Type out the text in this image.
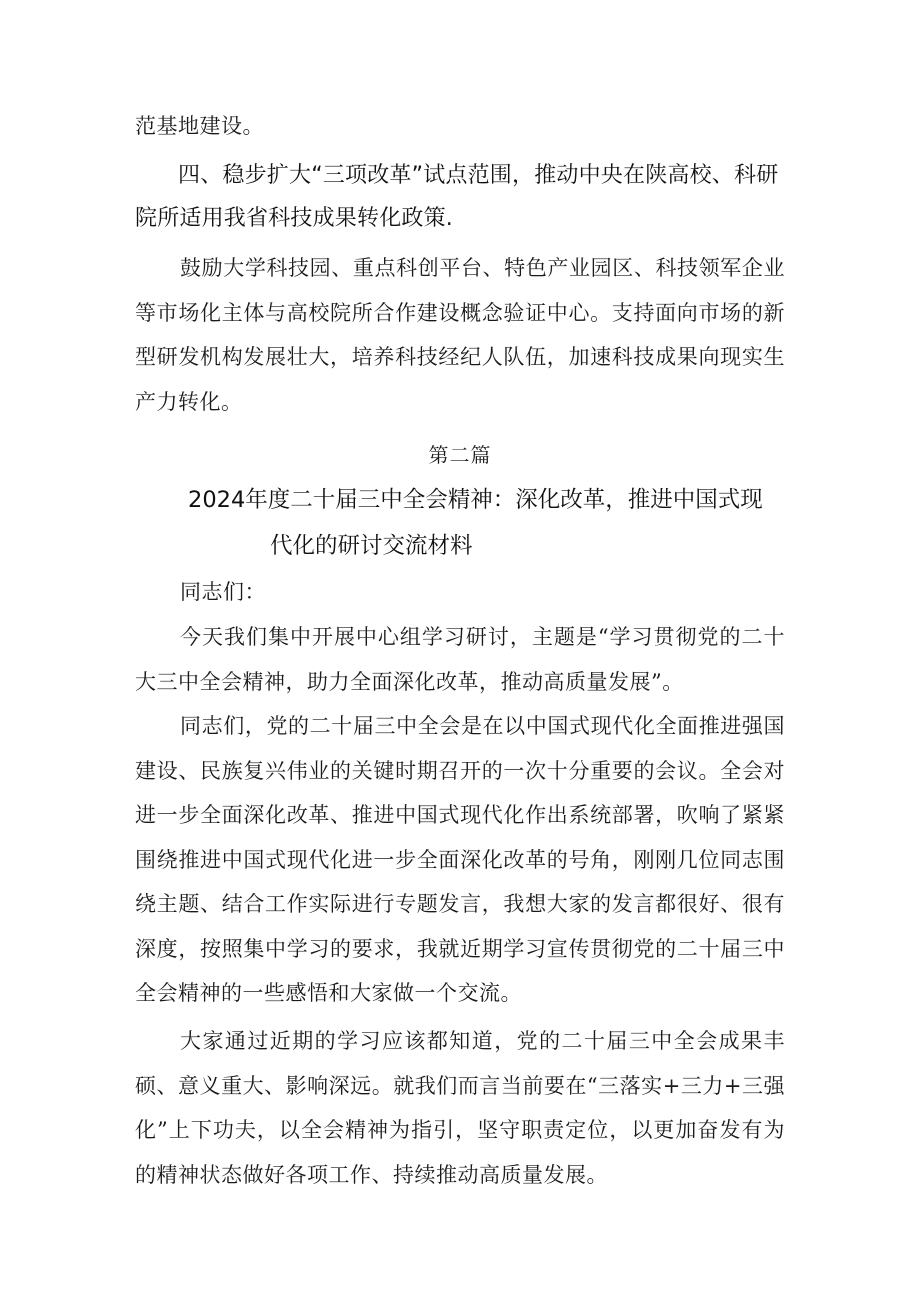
范基地建设。

四、稳步扩大“三项改革”试点范围，推动中央在陕高校、科研院所适用我省科技成果转化政策.

鼓励大学科技园、重点科创平台、特色产业园区、科技领军企业等市场化主体与高校院所合作建设概念验证中心。支持面向市场的新型研发机构发展壮大，培养科技经纪人队伍，加速科技成果向现实生产力转化。

第二篇

2024年度二十届三中全会精神：深化改革，推进中国式现
代化的研讨交流材料

同志们：

今天我们集中开展中心组学习研讨，主题是“学习贯彻党的二十大三中全会精神，助力全面深化改革，推动高质量发展”。

同志们，党的二十届三中全会是在以中国式现代化全面推进强国建设、民族复兴伟业的关键时期召开的一次十分重要的会议。全会对进一步全面深化改革、推进中国式现代化作出系统部署，吹响了紧紧围绕推进中国式现代化进一步全面深化改革的号角，刚刚几位同志围绕主题、结合工作实际进行专题发言，我想大家的发言都很好、很有深度，按照集中学习的要求，我就近期学习宣传贯彻党的二十届三中全会精神的一些感悟和大家做一个交流。

大家通过近期的学习应该都知道，党的二十届三中全会成果丰硕、意义重大、影响深远。就我们而言当前要在“三落实+三力+三强化”上下功夫，以全会精神为指引，坚守职责定位，以更加奋发有为的精神状态做好各项工作、持续推动高质量发展。
